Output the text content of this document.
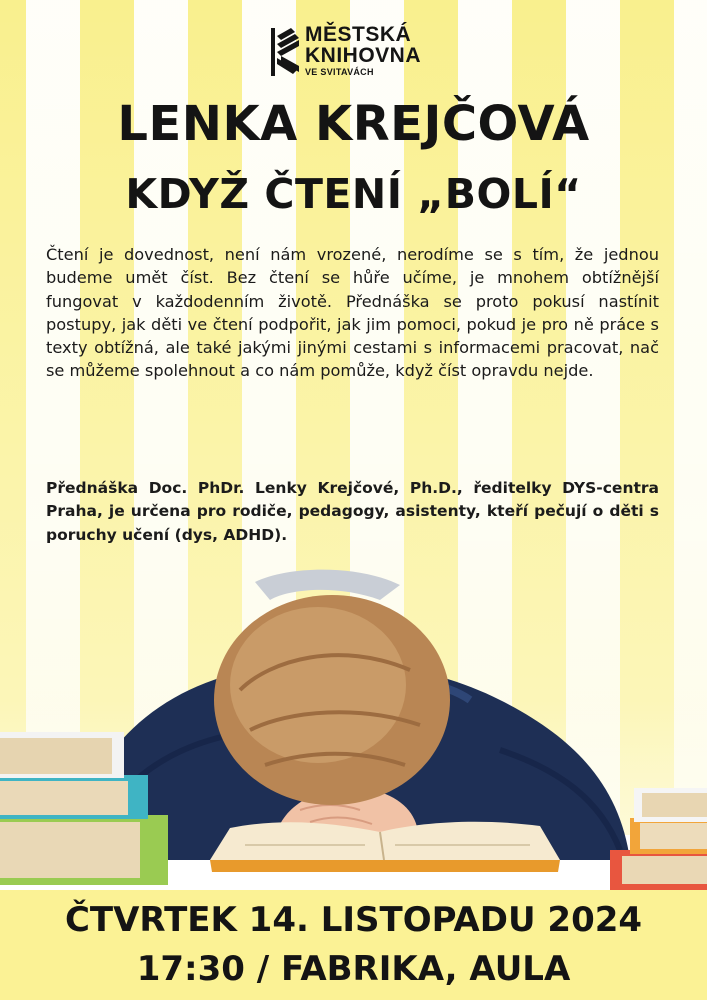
MĚSTSKÁ
KNIHOVNA
VE SVITAVÁCH
LENKA KREJČOVÁ
KDYŽ ČTENÍ „BOLÍ“
Čtení je dovednost, není nám vrozené, nerodíme se s tím, že jednou budeme umět číst. Bez čtení se hůře učíme, je mnohem obtížnější fungovat v každodenním životě. Přednáška se proto pokusí nastínit postupy, jak děti ve čtení podpořit, jak jim pomoci, pokud je pro ně práce s texty obtížná, ale také jakými jinými cestami s informacemi pracovat, nač se můžeme spolehnout a co nám pomůže, když číst opravdu nejde.
Přednáška Doc. PhDr. Lenky Krejčové, Ph.D., ředitelky DYS-centra Praha, je určena pro rodiče, pedagogy, asistenty, kteří pečují o děti s poruchy učení (dys, ADHD).
ČTVRTEK 14. LISTOPADU 2024
17:30 / FABRIKA, AULA
